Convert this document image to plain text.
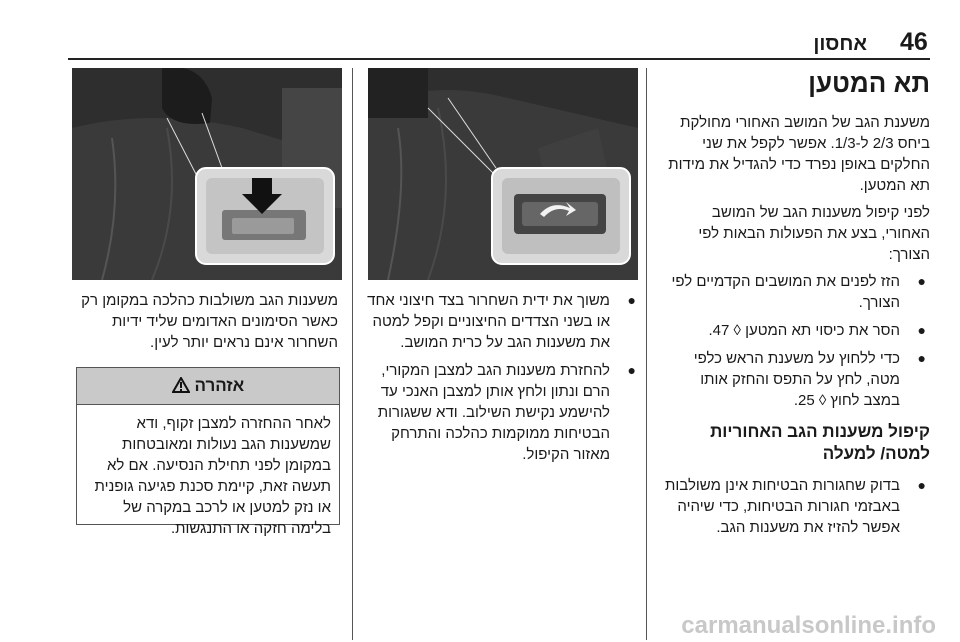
46
אחסון
תא המטען

משענת הגב של המושב האחורי מחולקת ביחס 2/3 ל-1/3. אפשר לקפל את שני החלקים באופן נפרד כדי להגדיל את מידות תא המטען.

לפני קיפול משענות הגב של המושב האחורי, בצע את הפעולות הבאות לפי הצורך:

●
הזז לפנים את המושבים הקדמיים לפי הצורך.
●
הסר את כיסוי תא המטען ◊ 47.
●
כדי ללחוץ על משענת הראש כלפי מטה, לחץ על התפס והחזק אותו במצב לחוץ ◊ 25.
קיפול משענות הגב האחוריות למטה/ למעלה
●
בדוק שחגורות הבטיחות אינן משולבות באבזמי חגורות הבטיחות, כדי שיהיה אפשר להזיז את משענות הגב.
●
משוך את ידית השחרור בצד חיצוני אחד או בשני הצדדים החיצוניים וקפל למטה את משענות הגב על כרית המושב.
●
להחזרת משענות הגב למצבן המקורי, הרם ונתון ולחץ אותן למצבן האנכי עד להישמע נקישת השילוב. ודא ששגורות הבטיחות ממוקמות כהלכה והתרחק מאזור הקיפול.

משענות הגב משולבות כהלכה במקומן רק כאשר הסימונים האדומים שליד ידיות השחרור אינם נראים יותר לעין.

אזהרה
לאחר ההחזרה למצבן זקוף, ודא שמשענות הגב נעולות ומאובטחות במקומן לפני תחילת הנסיעה. אם לא תעשה זאת, קיימת סכנת פגיעה גופנית או נזק למטען או לרכב במקרה של בלימה חזקה או התנגשות.
carmanualsonline.info
